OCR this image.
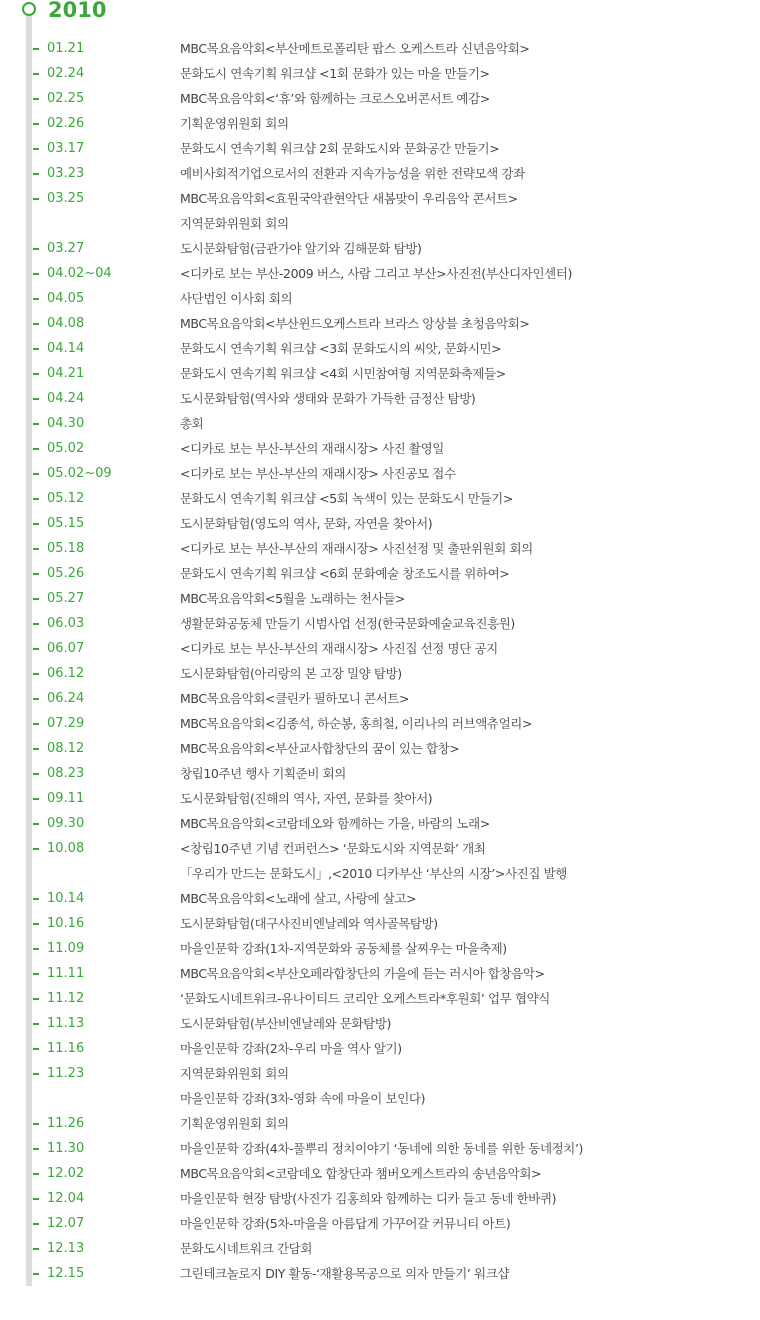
2010
01.21	MBC목요음악회<부산메트로폴리탄 팝스 오케스트라 신년음악회>
02.24	문화도시 연속기획 워크샵 <1회 문화가 있는 마을 만들기>
02.25	MBC목요음악회<‘휴’와 함께하는 크로스오버콘서트 예감>
02.26	기획운영위원회 회의
03.17	문화도시 연속기획 워크샵 2회 문화도시와 문화공간 만들기>
03.23	예비사회적기업으로서의 전환과 지속가능성을 위한 전략모색 강좌
03.25	MBC목요음악회<효원국악관현악단 새봄맞이 우리음악 콘서트>
지역문화위원회 회의
03.27	도시문화탐험(금관가야 알기와 김해문화 탐방)
04.02~04	<디카로 보는 부산-2009 버스, 사람 그리고 부산>사진전(부산디자인센터)
04.05	사단법인 이사회 회의
04.08	MBC목요음악회<부산윈드오케스트라 브라스 앙상블 초청음악회>
04.14	문화도시 연속기획 워크샵 <3회 문화도시의 씨앗, 문화시민>
04.21	문화도시 연속기획 워크샵 <4회 시민참여형 지역문화축제들>
04.24	도시문화탐험(역사와 생태와 문화가 가득한 금정산 탐방)
04.30	총회
05.02	<디카로 보는 부산-부산의 재래시장> 사진 촬영일
05.02~09	<디카로 보는 부산-부산의 재래시장> 사진공모 접수
05.12	문화도시 연속기획 워크샵 <5회 녹색이 있는 문화도시 만들기>
05.15	도시문화탐험(영도의 역사, 문화, 자연을 찾아서)
05.18	<디카로 보는 부산-부산의 재래시장> 사진선정 및 출판위원회 회의
05.26	문화도시 연속기획 워크샵 <6회 문화예술 창조도시를 위하여>
05.27	MBC목요음악회<5월을 노래하는 천사들>
06.03	생활문화공동체 만들기 시범사업 선정(한국문화예술교육진흥원)
06.07	<디카로 보는 부산-부산의 재래시장> 사진집 선정 명단 공지
06.12	도시문화탐험(아리랑의 본 고장 밀양 탐방)
06.24	MBC목요음악회<클린카 필하모니 콘서트>
07.29	MBC목요음악회<김종석, 하순봉, 홍희철, 이리나의 러브액츄얼리>
08.12	MBC목요음악회<부산교사합창단의 꿈이 있는 합창>
08.23	창립10주년 행사 기획준비 회의
09.11	도시문화탐험(진해의 역사, 자연, 문화를 찾아서)
09.30	MBC목요음악회<코람데오와 함께하는 가을, 바람의 노래>
10.08	<창립10주년 기념 컨퍼런스> ‘문화도시와 지역문화’ 개최
「우리가 만드는 문화도시」,<2010 디카부산 ‘부산의 시장’>사진집 발행
10.14	MBC목요음악회<노래에 살고, 사랑에 살고>
10.16	도시문화탐험(대구사진비엔날레와 역사골목탐방)
11.09	마을인문학 강좌(1차-지역문화와 공동체를 살찌우는 마을축제)
11.11	MBC목요음악회<부산오페라합창단의 가을에 듣는 러시아 합창음악>
11.12	‘문화도시네트워크-유나이티드 코리안 오케스트라*후원회’ 업무 협약식
11.13	도시문화탐험(부산비엔날레와 문화탐방)
11.16	마을인문학 강좌(2차-우리 마을 역사 알기)
11.23	지역문화위원회 회의
마을인문학 강좌(3차-영화 속에 마을이 보인다)
11.26	기획운영위원회 회의
11.30	마을인문학 강좌(4차-풀뿌리 정치이야기 ‘동네에 의한 동네를 위한 동네정치’)
12.02	MBC목요음악회<코람데오 합창단과 챔버오케스트라의 송년음악회>
12.04	마을인문학 현장 탐방(사진가 김홍희와 함께하는 디카 들고 동네 한바퀴)
12.07	마을인문학 강좌(5차-마을을 아름답게 가꾸어갈 커뮤니티 아트)
12.13	문화도시네트워크 간담회
12.15	그린테크놀로지 DIY 활동-‘재활용목공으로 의자 만들기’ 워크샵
